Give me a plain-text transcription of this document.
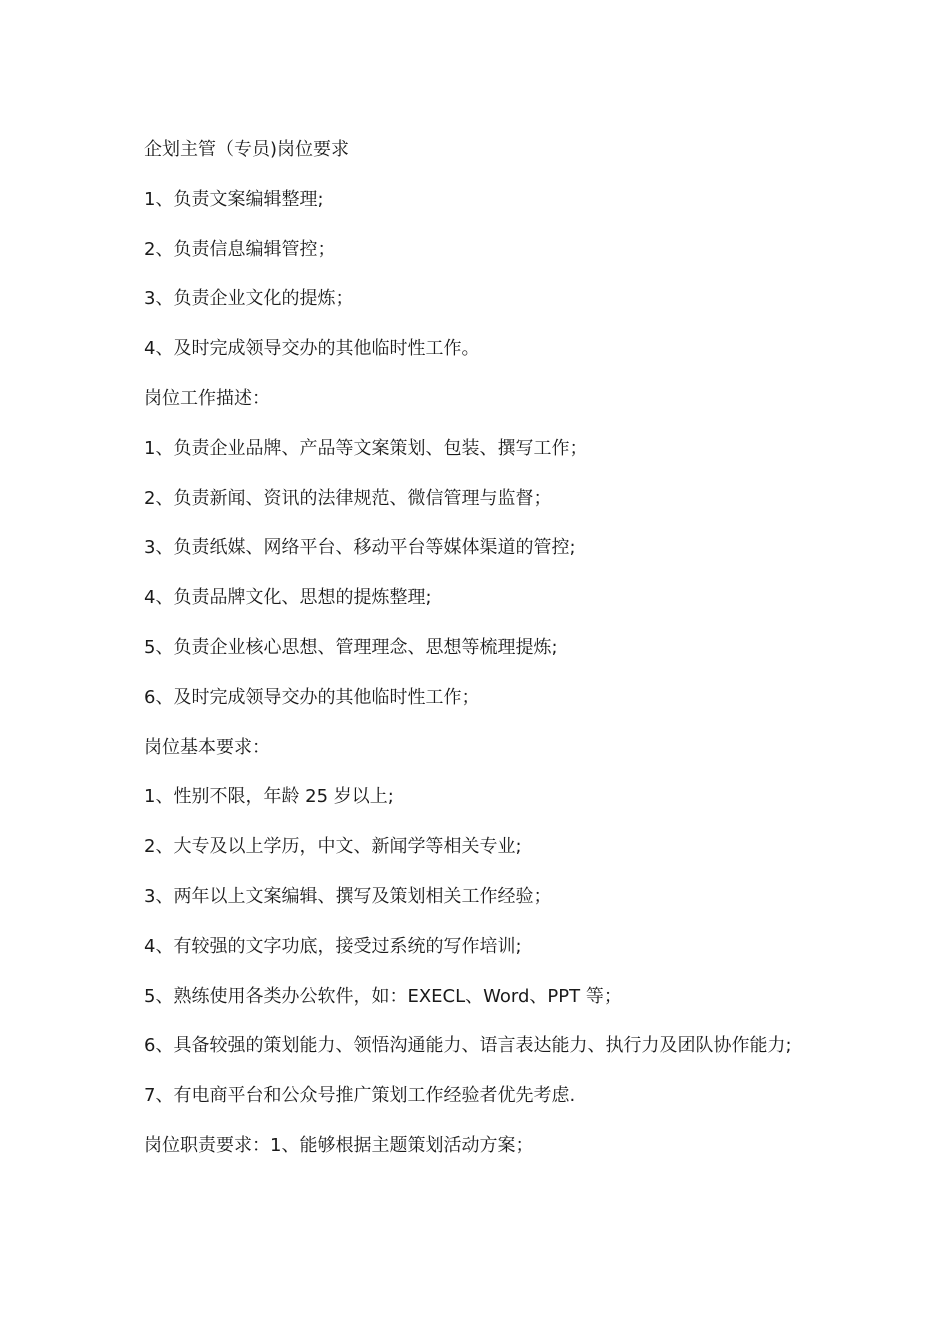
企划主管（专员)岗位要求
1、负责文案编辑整理;
2、负责信息编辑管控；
3、负责企业文化的提炼；
4、及时完成领导交办的其他临时性工作。
岗位工作描述：
1、负责企业品牌、产品等文案策划、包装、撰写工作；
2、负责新闻、资讯的法律规范、微信管理与监督；
3、负责纸媒、网络平台、移动平台等媒体渠道的管控;
4、负责品牌文化、思想的提炼整理;
5、负责企业核心思想、管理理念、思想等梳理提炼;
6、及时完成领导交办的其他临时性工作；
岗位基本要求：
1、性别不限，年龄 25 岁以上;
2、大专及以上学历，中文、新闻学等相关专业;
3、两年以上文案编辑、撰写及策划相关工作经验；
4、有较强的文字功底，接受过系统的写作培训;
5、熟练使用各类办公软件，如：EXECL、Word、PPT 等；
6、具备较强的策划能力、领悟沟通能力、语言表达能力、执行力及团队协作能力;
7、有电商平台和公众号推广策划工作经验者优先考虑.
岗位职责要求：1、能够根据主题策划活动方案；
